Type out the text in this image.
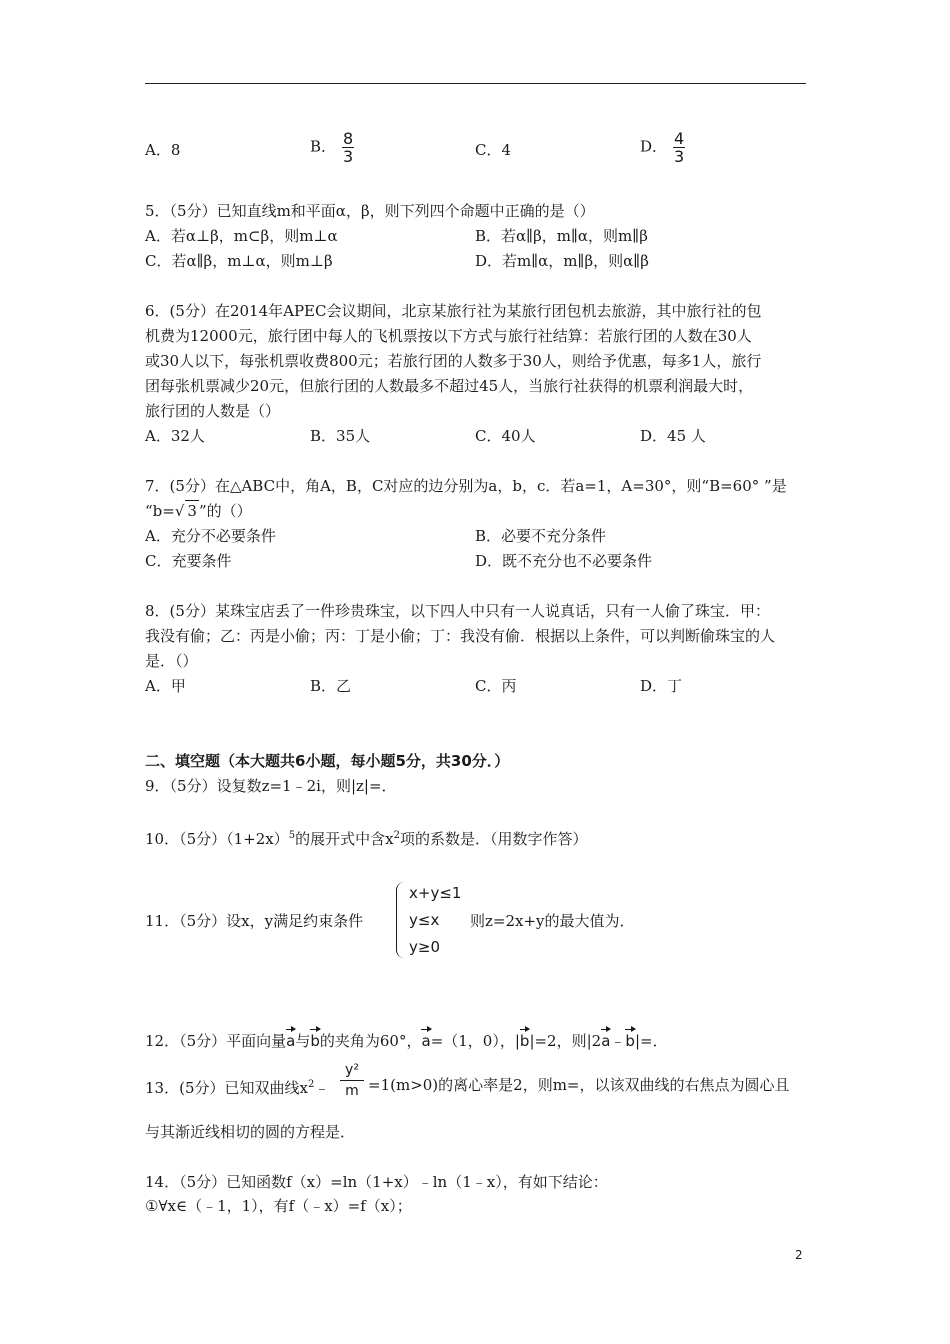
A．8	B． $\frac{8}{3}$	C．4	D． $\frac{4}{3}$
5．（5分）已知直线m和平面α，β，则下列四个命题中正确的是（）
A．若α⊥β，m⊂β，则m⊥α	B．若α∥β，m∥α，则m∥β
C．若α∥β，m⊥α，则m⊥β	D．若m∥α，m∥β，则α∥β
6．(5分）在2014年APEC会议期间，北京某旅行社为某旅行团包机去旅游，其中旅行社的包
机费为12000元，旅行团中每人的飞机票按以下方式与旅行社结算：若旅行团的人数在30人
或30人以下，每张机票收费800元；若旅行团的人数多于30人，则给予优惠，每多1人，旅行
团每张机票减少20元，但旅行团的人数最多不超过45人，当旅行社获得的机票利润最大时，
旅行团的人数是（）
A．32人	B．35人	C．40人	D．45 人
7．(5分）在△ABC中，角A，B，C对应的边分别为a，b，c．若a=1，A=30°，则“B=60° ”是
“b=√ 3 ”的（）
A．充分不必要条件	B．必要不充分条件
C．充要条件	D．既不充分也不必要条件
8．(5分）某珠宝店丢了一件珍贵珠宝，以下四人中只有一人说真话，只有一人偷了珠宝．甲：
我没有偷；乙：丙是小偷；丙：丁是小偷；丁：我没有偷．根据以上条件，可以判断偷珠宝的人
是．（）
A．甲	B．乙	C．丙	D．丁
二、填空题（本大题共6小题，每小题5分，共30分．）
9．（5分）设复数z=1﹣2i，则|z|=．
10．（5分）$(1+2x)^5$的展开式中含$x^2$项的系数是．（用数字作答）
11．（5分）设x，y满足约束条件
x+y≤1
y≤x
y≥0
则z=2x+y的最大值为．
12．（5分）平面向量a与b的夹角为60°，a=（1，0），|b|=2，则|2a﹣b|=．
13．(5分）已知双曲线$x^2﹣$
y²
m =1(m>0)的离心率是2，则m=，以该双曲线的右焦点为圆心且
与其渐近线相切的圆的方程是．
14．（5分）已知函数f（x）=ln（1+x）﹣ln（1﹣x），有如下结论：
①∀x∈（﹣1，1），有f（﹣x）=f（x）；
2
